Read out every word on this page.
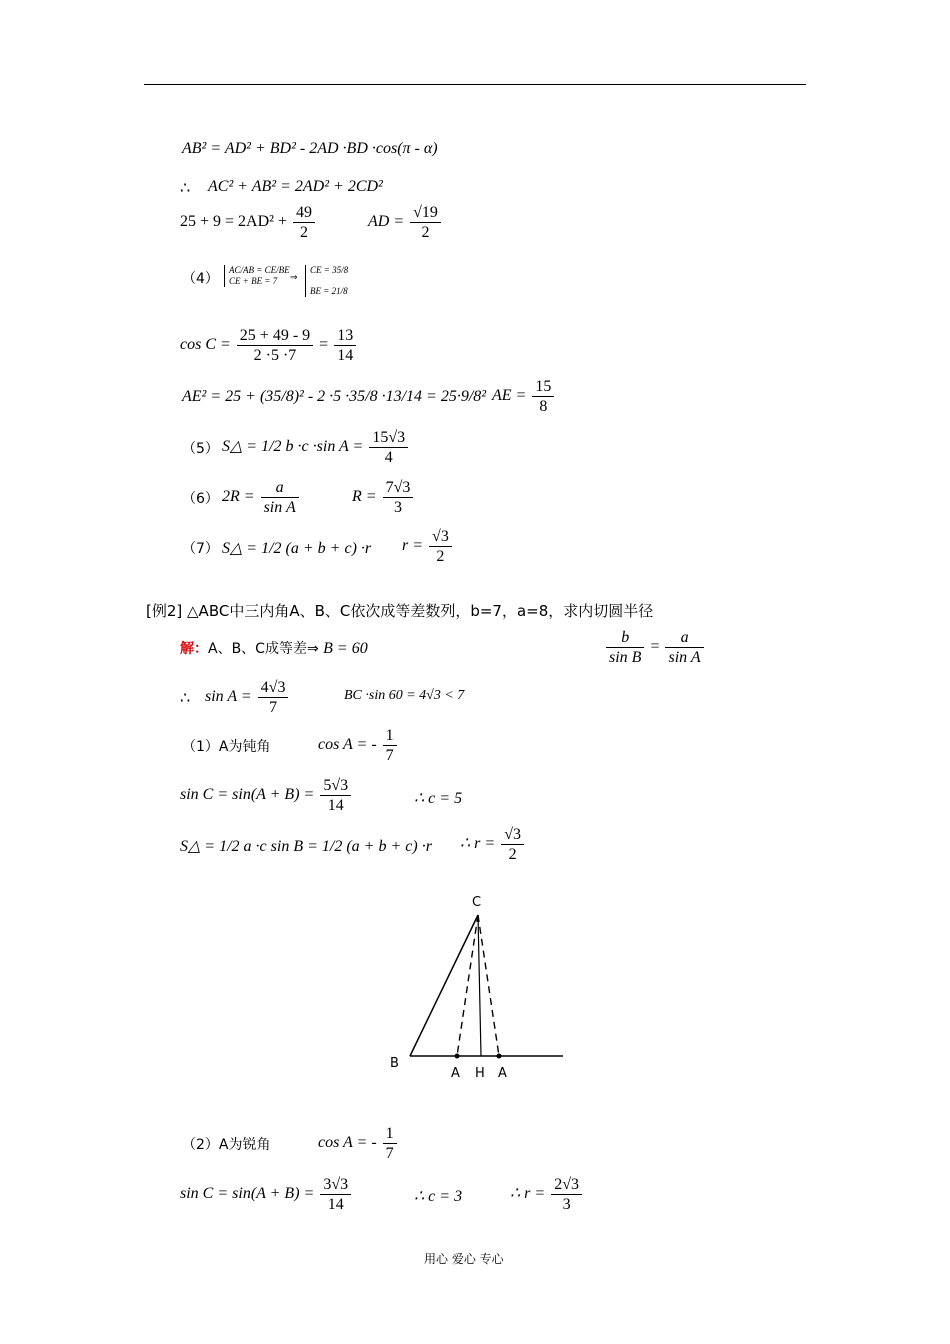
AB² = AD² + BD² - 2AD ·BD ·cos(π - α)
∴ AC² + AB² = 2AD² + 2CD²
$25 + 9 = 2AD^2 + \frac{49}{2}$	AD = $\frac{√19}{2}$
（4）
AC/AB = CE/BE
CE + BE = 7	⇒
CE = 35/8
BE = 21/8
$\cos C = \frac{25 + 49 - 9}{2 \cdot 5 \cdot 7} = \frac{13}{14}$
AE² = 25 + (35/8)² - 2 ·5 ·35/8 ·13/14 = 25·9/8² AE = $\frac{15}{8}$
（5） S△ = 1/2 b ·c ·sin $A = \frac{15√3}{4}$
（6） $2R = \frac{a}{\text{sin A}}$	$R = \frac{7√3}{3}$
（7） S△ = 1/2 (a + b + c) ·r $r = \frac{√3}{2}$
[例2] △ABC中三内角A、B、C依次成等差数列，b=7，a=8，求内切圆半径
解：A、B、C成等差⇒ B = 60	$\frac{b}{\text{sin B}} = \frac{a}{\text{sin A}}$
∴ $\sin A = \frac{4√3}{7}$	BC ·sin 60 = 4√3 < 7
（1）A为钝角	cos A = - $\frac{1}{7}$
$\sin C = \sin(A + B) = \frac{5√3}{14}$	∴ c = 5
S△ = 1/2 a ·c sin B = 1/2 (a + b + c) ·r ∴ $r = \frac{√3}{2}$
C
B
A H A
（2）A为锐角	cos A = - $\frac{1}{7}$
$\sin C = \sin(A + B) = \frac{3√3}{14}$	∴ c = 3	∴ $r = \frac{2√3}{3}$
用心 爱心 专心
